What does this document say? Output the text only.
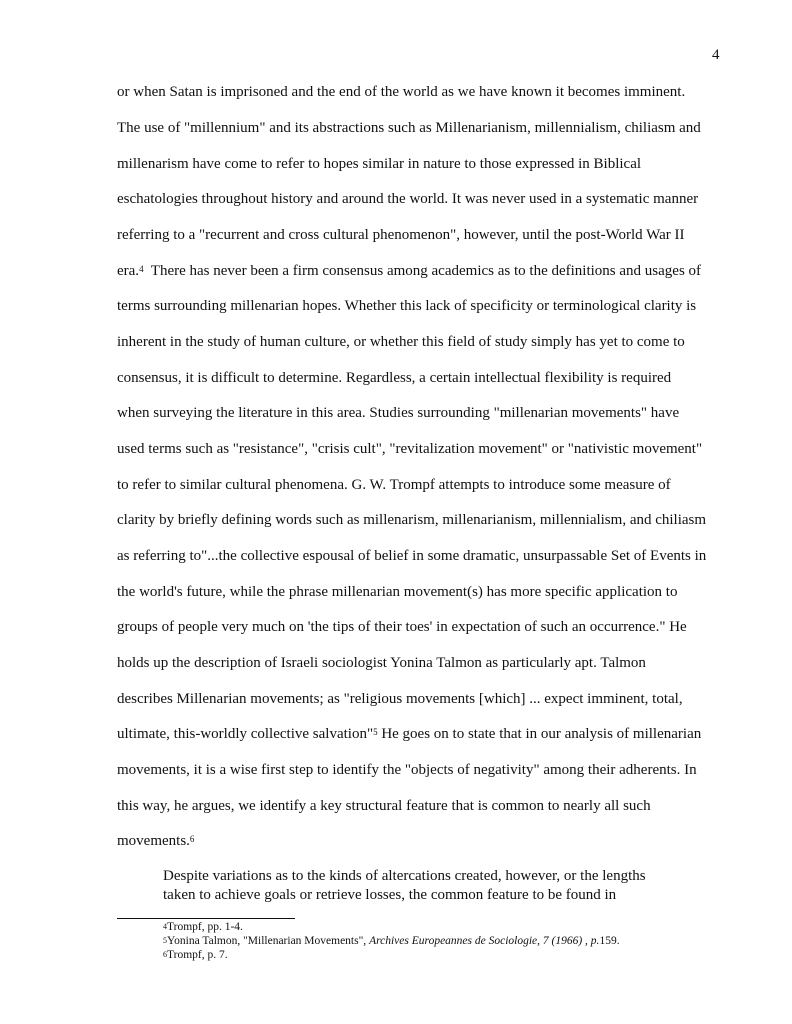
4
or when Satan is imprisoned and the end of the world as we have known it becomes imminent.
The use of "millennium" and its abstractions such as Millenarianism, millennialism, chiliasm and
millenarism have come to refer to hopes similar in nature to those expressed in Biblical
eschatologies throughout history and around the world. It was never used in a systematic manner
referring to a "recurrent and cross cultural phenomenon", however, until the post-World War II
era.$^4$  There has never been a firm consensus among academics as to the definitions and usages of
terms surrounding millenarian hopes. Whether this lack of specificity or terminological clarity is
inherent in the study of human culture, or whether this field of study simply has yet to come to
consensus, it is difficult to determine. Regardless, a certain intellectual flexibility is required
when surveying the literature in this area. Studies surrounding "millenarian movements" have
used terms such as "resistance", "crisis cult", "revitalization movement" or "nativistic movement"
to refer to similar cultural phenomena. G. W. Trompf attempts to introduce some measure of
clarity by briefly defining words such as millenarism, millenarianism, millennialism, and chiliasm
as referring to"...the collective espousal of belief in some dramatic, unsurpassable Set of Events in
the world's future, while the phrase millenarian movement(s) has more specific application to
groups of people very much on 'the tips of their toes' in expectation of such an occurrence." He
holds up the description of Israeli sociologist Yonina Talmon as particularly apt. Talmon
describes Millenarian movements; as "religious movements [which] ... expect imminent, total,
ultimate, this-worldly collective salvation"$^5$ He goes on to state that in our analysis of millenarian
movements, it is a wise first step to identify the "objects of negativity" among their adherents. In
this way, he argues, we identify a key structural feature that is common to nearly all such
movements.$^6$
Despite variations as to the kinds of altercations created, however, or the lengths
taken to achieve goals or retrieve losses, the common feature to be found in
$^4$Trompf, pp. 1-4.
$^5$Yonina Talmon, "Millenarian Movements", Archives Europeannes de Sociologie, 7 (1966) , p.159.
$^6$Trompf, p. 7.
